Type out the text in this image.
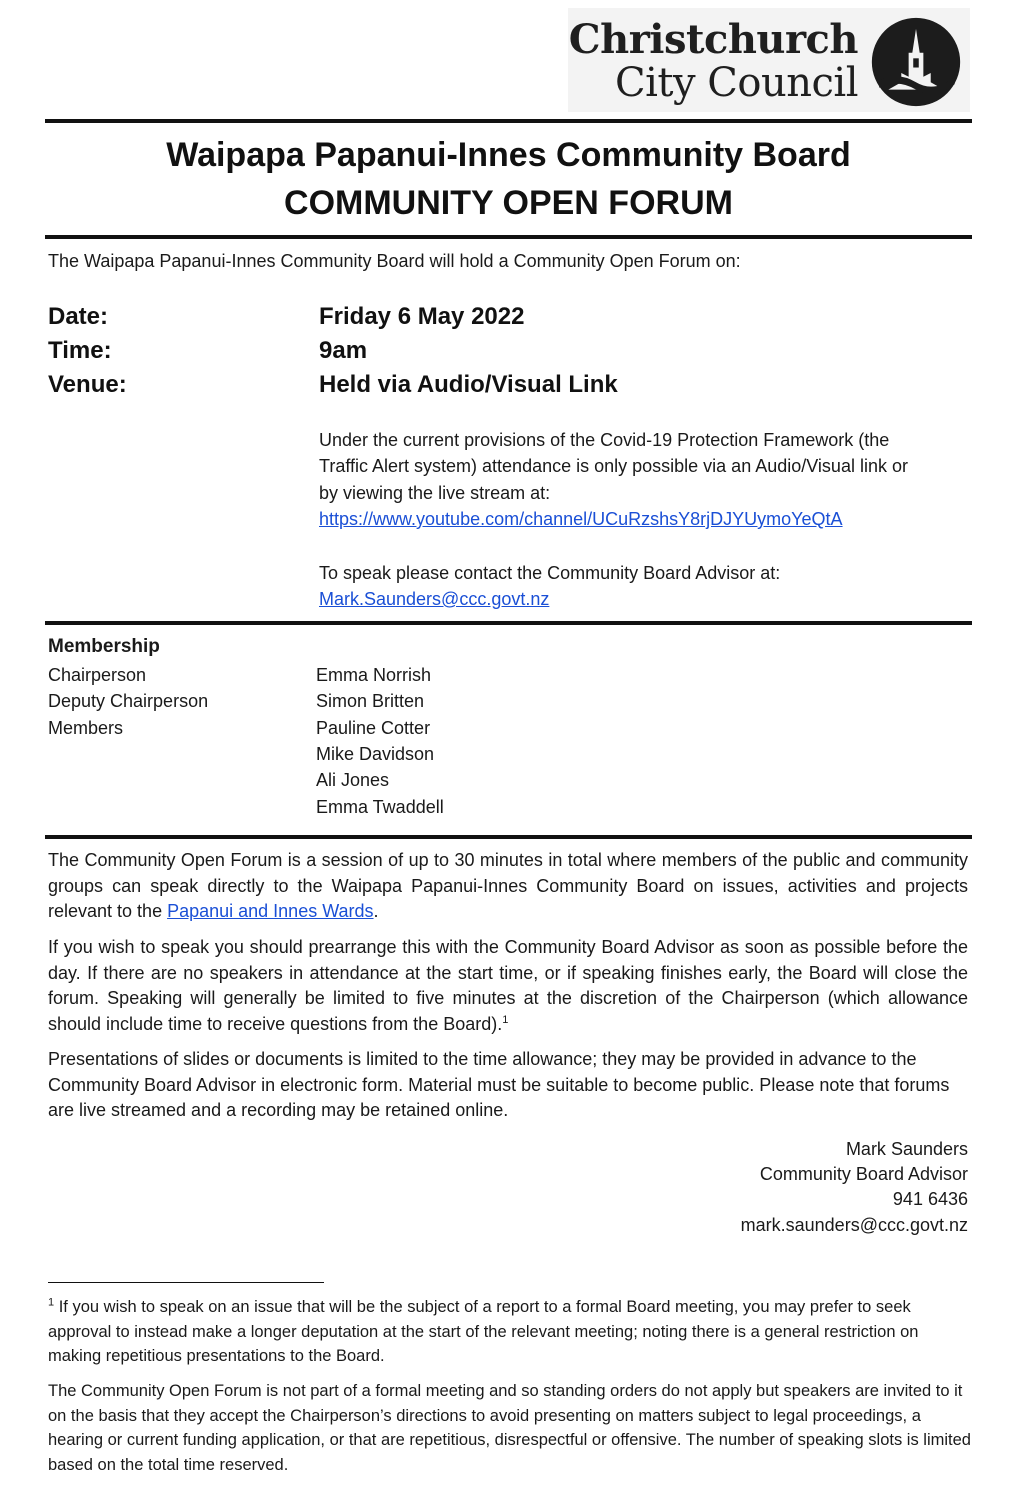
Christchurch
City Council
Waipapa Papanui-Innes Community Board
COMMUNITY OPEN FORUM
The Waipapa Papanui-Innes Community Board will hold a Community Open Forum on:
Date:	Friday 6 May 2022
Time:	9am
Venue:	Held via Audio/Visual Link
Under the current provisions of the Covid-19 Protection Framework (the
Traffic Alert system) attendance is only possible via an Audio/Visual link or
by viewing the live stream at:
https://www.youtube.com/channel/UCuRzshsY8rjDJYUymoYeQtA
To speak please contact the Community Board Advisor at:
Mark.Saunders@ccc.govt.nz
Membership
Chairperson	Emma Norrish
Deputy Chairperson	Simon Britten
Members	Pauline Cotter
Mike Davidson
Ali Jones
Emma Twaddell
The Community Open Forum is a session of up to 30 minutes in total where members of the public and community groups can speak directly to the Waipapa Papanui-Innes Community Board on issues, activities and projects relevant to the Papanui and Innes Wards.
If you wish to speak you should prearrange this with the Community Board Advisor as soon as possible before the day. If there are no speakers in attendance at the start time, or if speaking finishes early, the Board will close the forum. Speaking will generally be limited to five minutes at the discretion of the Chairperson (which allowance should include time to receive questions from the Board).$^1$
Presentations of slides or documents is limited to the time allowance; they may be provided in advance to the Community Board Advisor in electronic form. Material must be suitable to become public. Please note that forums are live streamed and a recording may be retained online.
Mark Saunders
Community Board Advisor
941 6436
mark.saunders@ccc.govt.nz
$^1$ If you wish to speak on an issue that will be the subject of a report to a formal Board meeting, you may prefer to seek approval to instead make a longer deputation at the start of the relevant meeting; noting there is a general restriction on making repetitious presentations to the Board.
The Community Open Forum is not part of a formal meeting and so standing orders do not apply but speakers are invited to it on the basis that they accept the Chairperson’s directions to avoid presenting on matters subject to legal proceedings, a hearing or current funding application, or that are repetitious, disrespectful or offensive. The number of speaking slots is limited based on the total time reserved.
